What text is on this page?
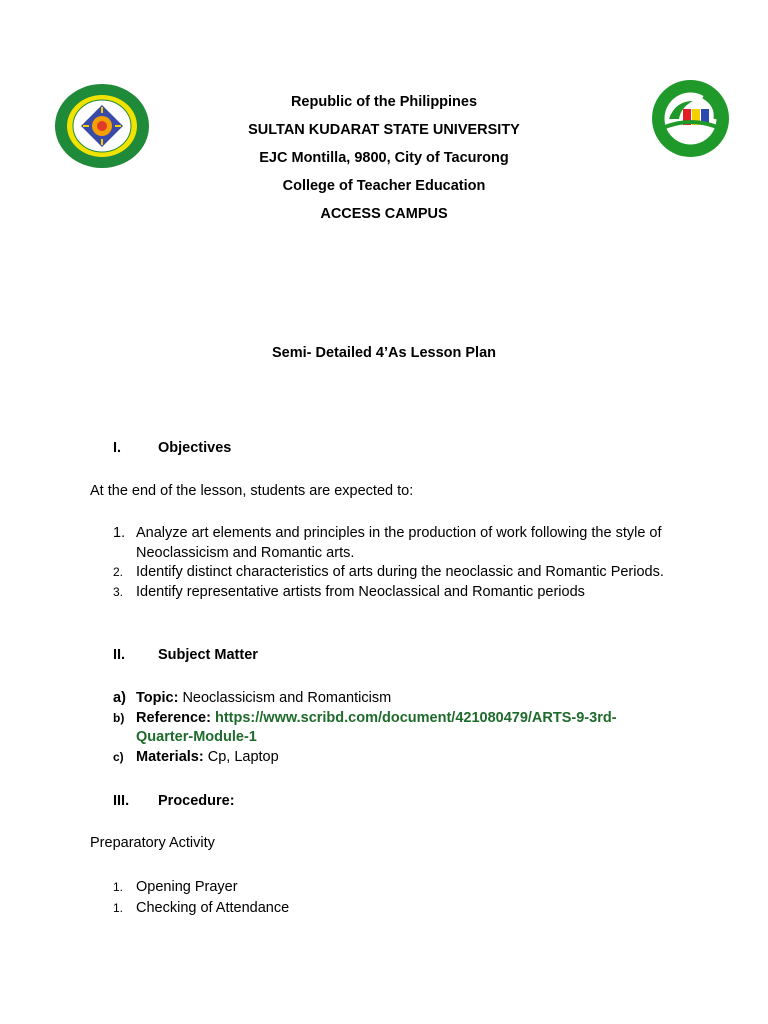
Republic of the Philippines
SULTAN KUDARAT STATE UNIVERSITY
EJC Montilla, 9800, City of Tacurong
College of Teacher Education
ACCESS CAMPUS
Semi- Detailed 4’As Lesson Plan
I.	Objectives
At the end of the lesson, students are expected to:
1. Analyze art elements and principles in the production of work following the style of Neoclassicism and Romantic arts.
2. Identify distinct characteristics of arts during the neoclassic and Romantic Periods.
3. Identify representative artists from Neoclassical and Romantic periods
II. Subject Matter
a) Topic: Neoclassicism and Romanticism
b) Reference: https://www.scribd.com/document/421080479/ARTS-9-3rd-Quarter-Module-1
c) Materials: Cp, Laptop
III. Procedure:
Preparatory Activity
1. Opening Prayer
1. Checking of Attendance
